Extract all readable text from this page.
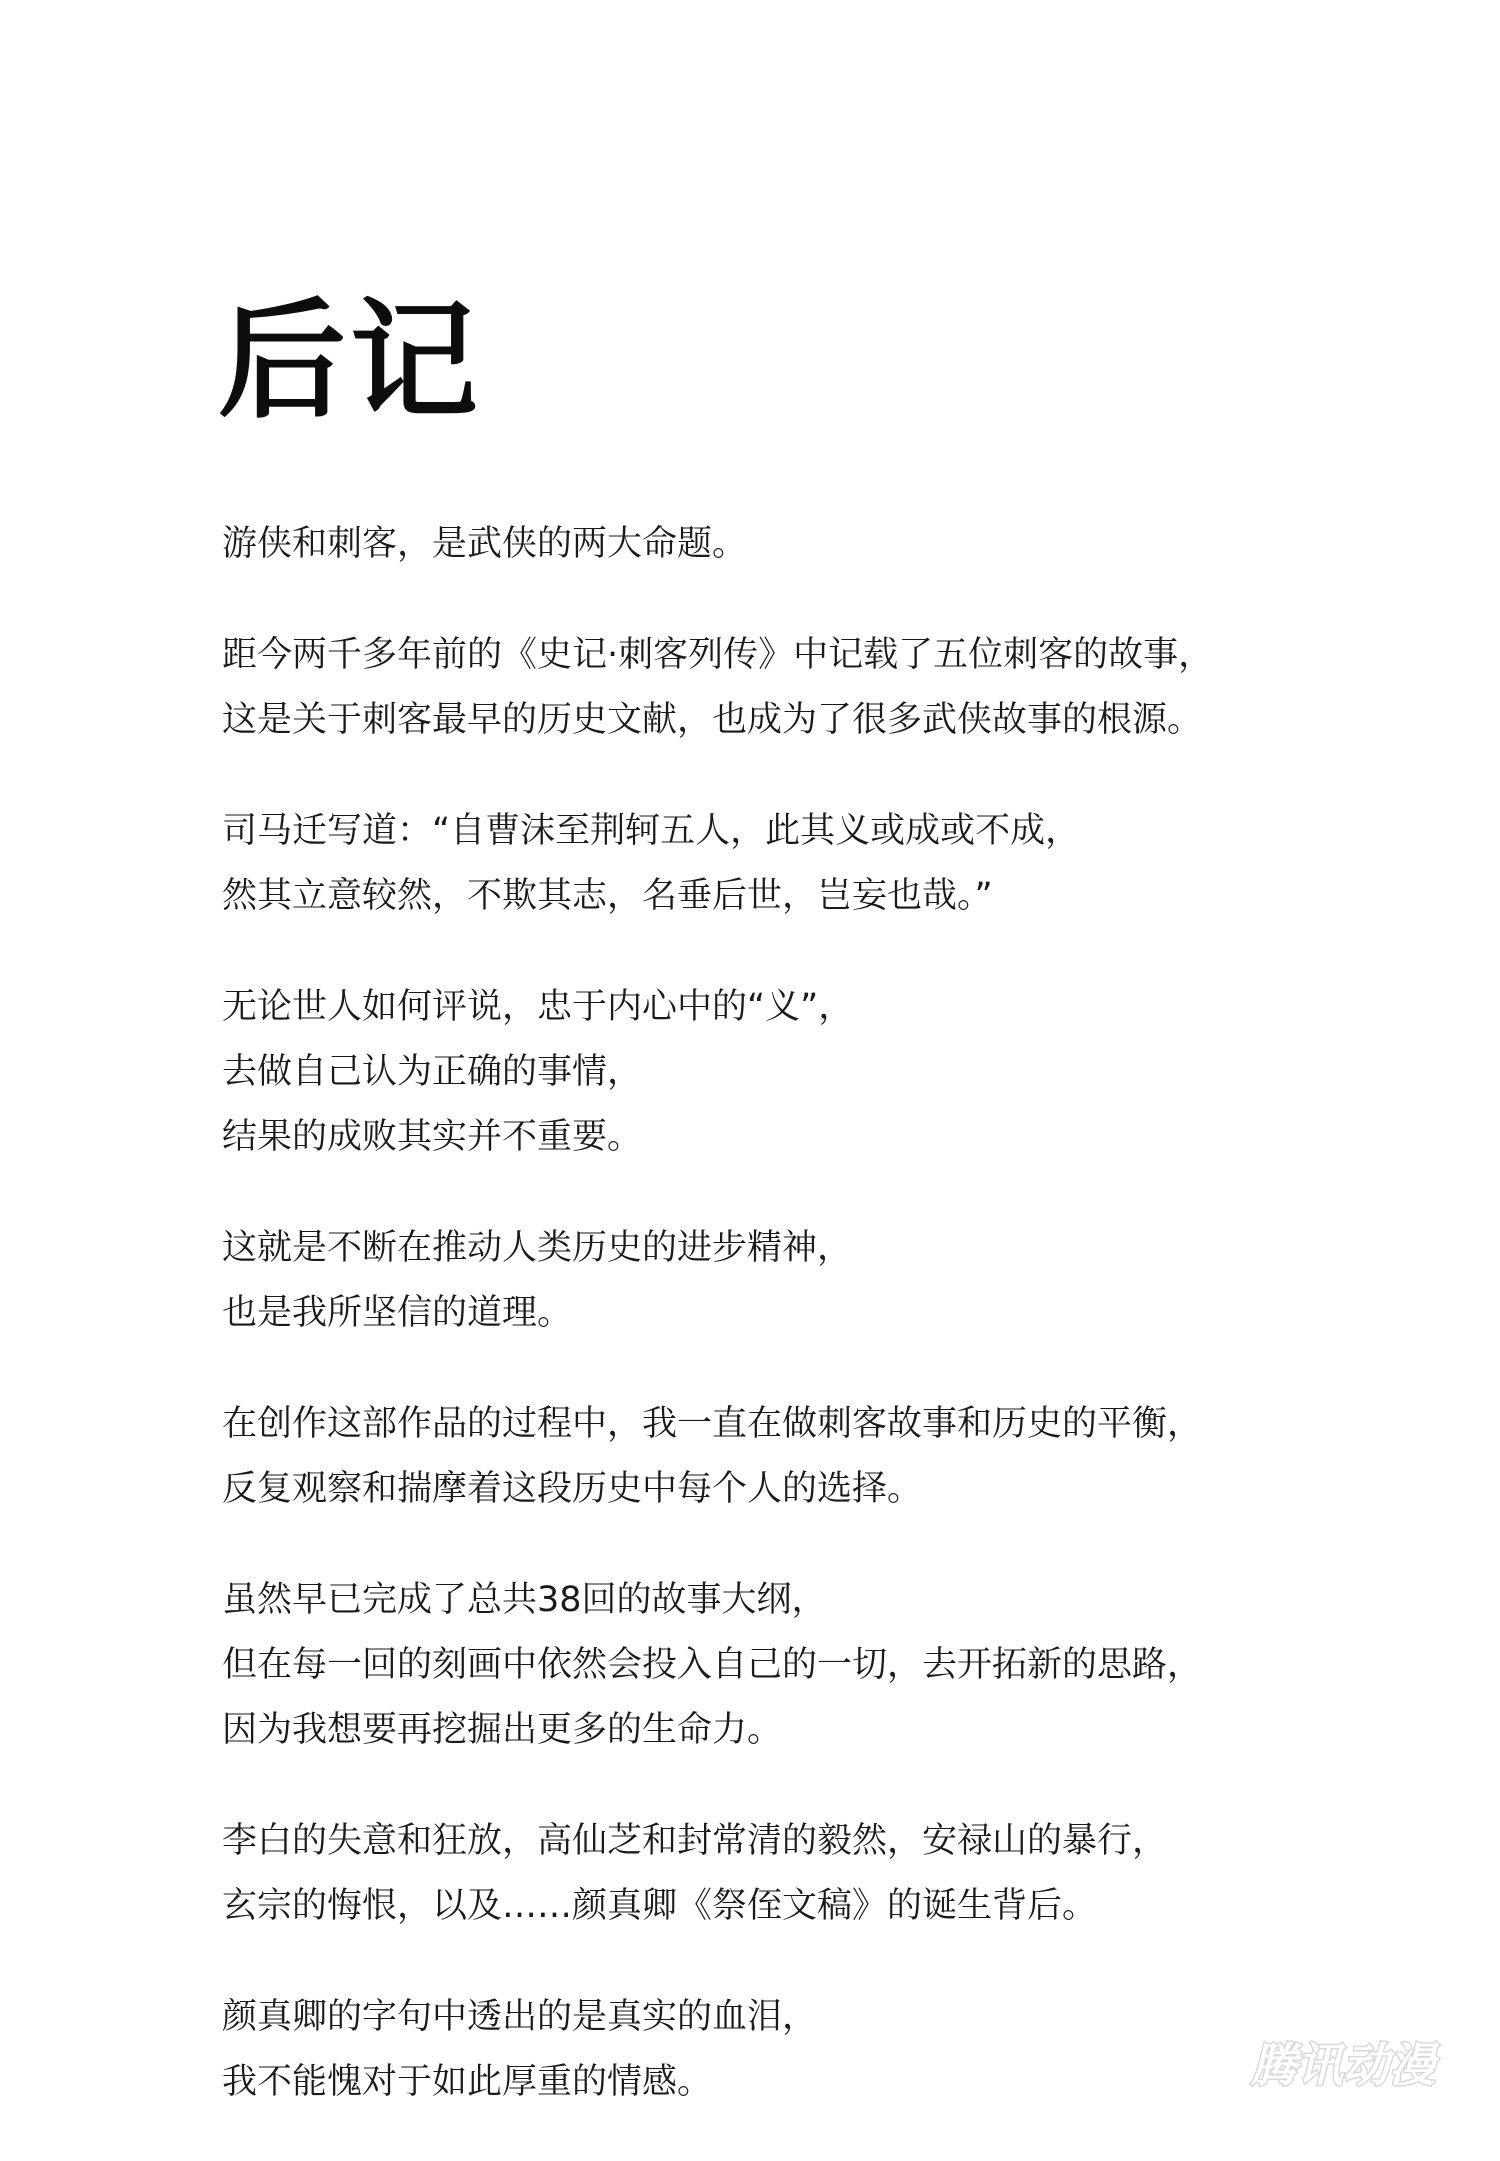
后记

游侠和刺客，是武侠的两大命题。

距今两千多年前的《史记·刺客列传》中记载了五位刺客的故事，
这是关于刺客最早的历史文献，也成为了很多武侠故事的根源。

司马迁写道：“自曹沫至荆轲五人，此其义或成或不成，
然其立意较然，不欺其志，名垂后世，岂妄也哉。”

无论世人如何评说，忠于内心中的“义”，
去做自己认为正确的事情，
结果的成败其实并不重要。

这就是不断在推动人类历史的进步精神，
也是我所坚信的道理。

在创作这部作品的过程中，我一直在做刺客故事和历史的平衡，
反复观察和揣摩着这段历史中每个人的选择。

虽然早已完成了总共38回的故事大纲，
但在每一回的刻画中依然会投入自己的一切，去开拓新的思路，
因为我想要再挖掘出更多的生命力。

李白的失意和狂放，高仙芝和封常清的毅然，安禄山的暴行，
玄宗的悔恨，以及……颜真卿《祭侄文稿》的诞生背后。

颜真卿的字句中透出的是真实的血泪，
我不能愧对于如此厚重的情感。	腾讯动漫
